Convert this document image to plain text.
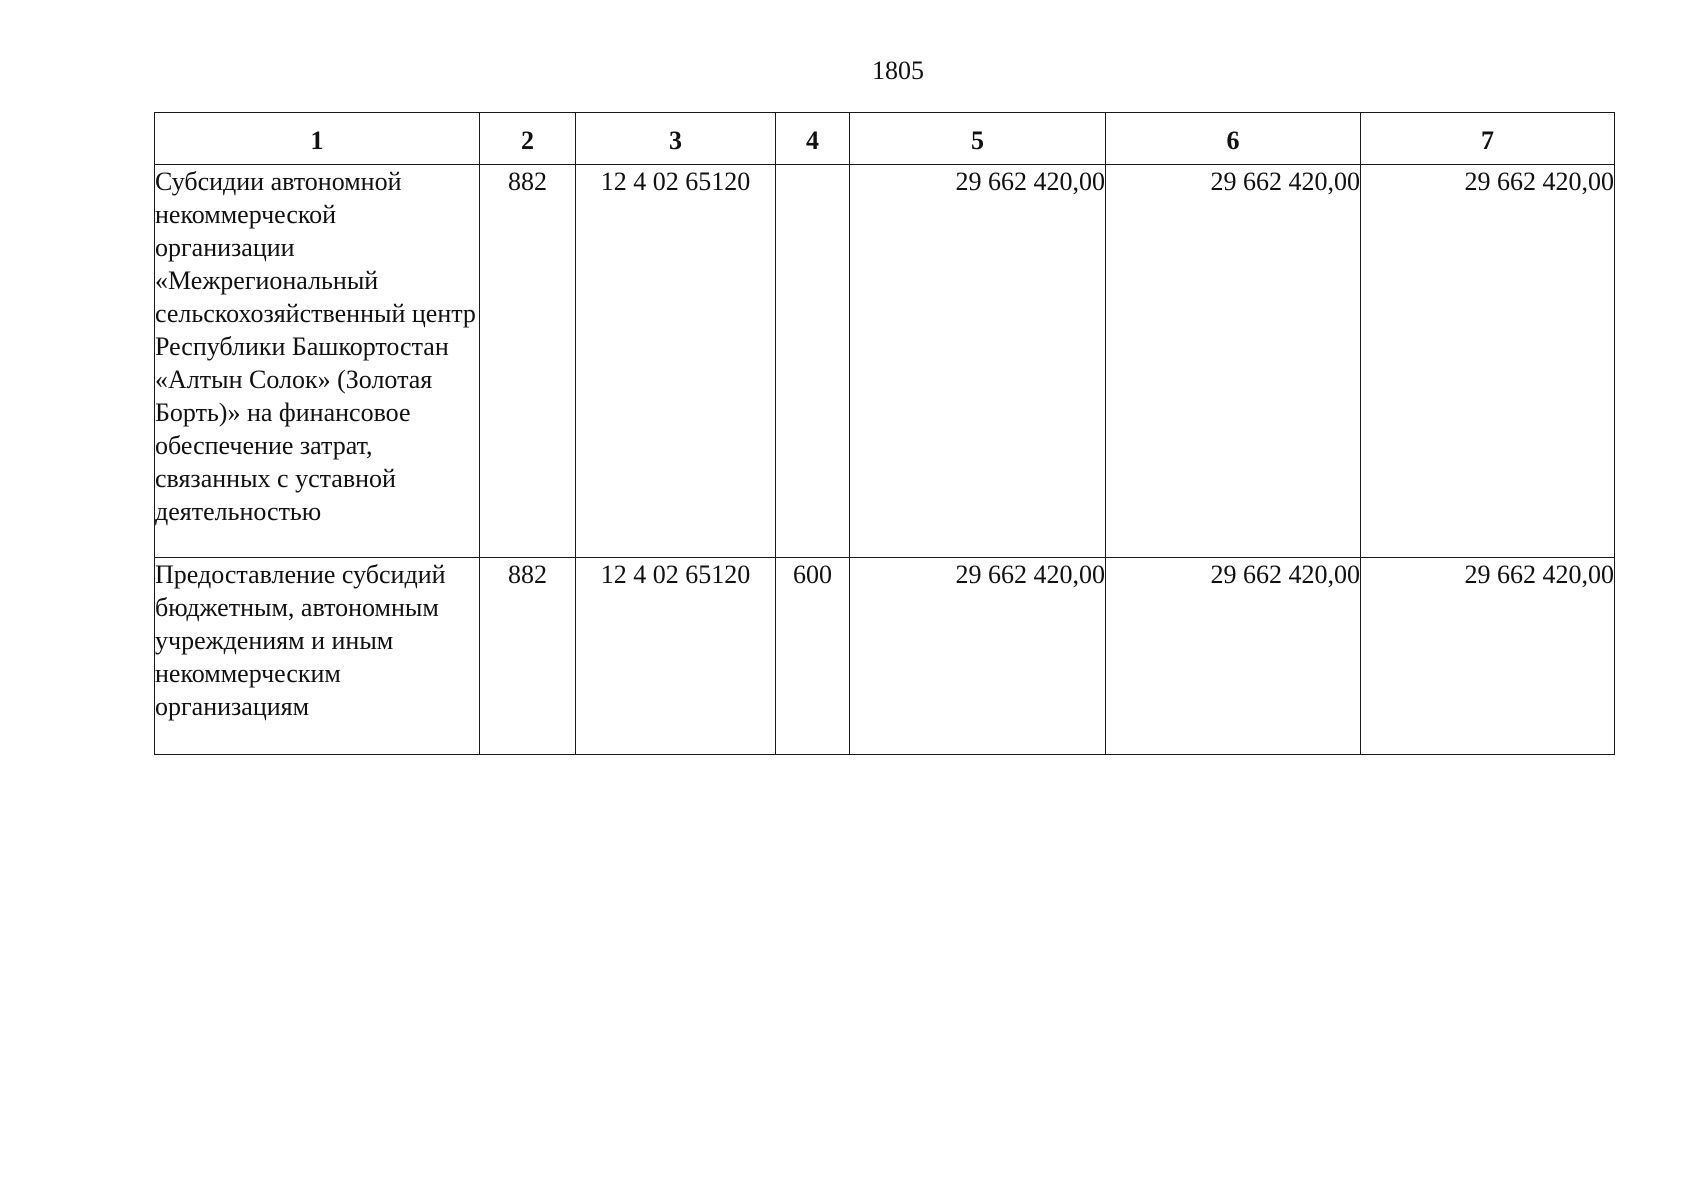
1805
1	2	3	4	5	6	7
Субсидии автономной некоммерческой организации «Межрегиональный сельскохозяйственный центр Республики Башкортостан «Алтын Солок» (Золотая Борть)» на финансовое обеспечение затрат, связанных с уставной деятельностью	882	12 4 02 65120		29 662 420,00	29 662 420,00	29 662 420,00
Предоставление субсидий бюджетным, автономным учреждениям и иным некоммерческим организациям	882	12 4 02 65120	600	29 662 420,00	29 662 420,00	29 662 420,00
